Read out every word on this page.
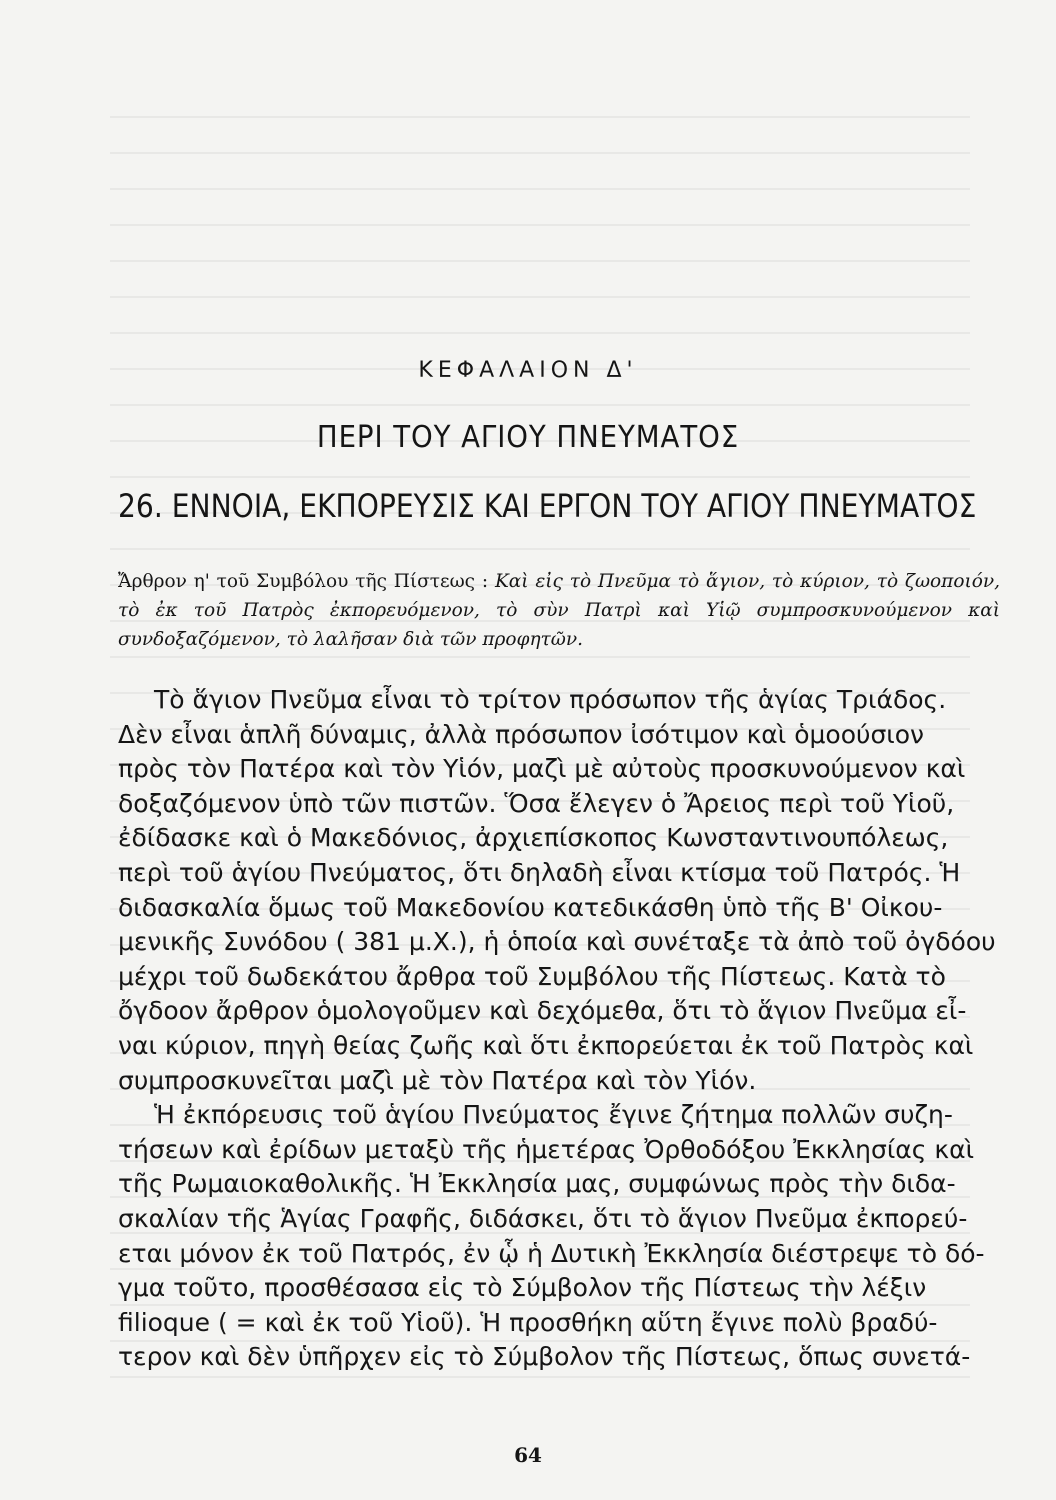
ΚΕΦΑΛΑΙΟΝ Δ'
ΠΕΡΙ ΤΟΥ ΑΓΙΟΥ ΠΝΕΥΜΑΤΟΣ
26. ΕΝΝΟΙΑ, ΕΚΠΟΡΕΥΣΙΣ ΚΑΙ ΕΡΓΟΝ ΤΟΥ ΑΓΙΟΥ ΠΝΕΥΜΑΤΟΣ
Ἄρθρον η' τοῦ Συμβόλου τῆς Πίστεως : Καὶ εἰς τὸ Πνεῦμα τὸ ἅγιον, τὸ κύριον, τὸ ζωοποιόν, τὸ ἐκ τοῦ Πατρὸς ἐκπορευόμενον, τὸ σὺν Πατρὶ καὶ Υἱῷ συμπροσκυνούμενον καὶ συνδοξαζόμενον, τὸ λαλῆσαν διὰ τῶν προφητῶν.
Τὸ ἅγιον Πνεῦμα εἶναι τὸ τρίτον πρόσωπον τῆς ἁγίας Τριάδος.
Δὲν εἶναι ἁπλῆ δύναμις, ἀλλὰ πρόσωπον ἰσότιμον καὶ ὁμοούσιον
πρὸς τὸν Πατέρα καὶ τὸν Υἱόν, μαζὶ μὲ αὐτοὺς προσκυνούμενον καὶ
δοξαζόμενον ὑπὸ τῶν πιστῶν. Ὅσα ἔλεγεν ὁ Ἄρειος περὶ τοῦ Υἱοῦ,
ἐδίδασκε καὶ ὁ Μακεδόνιος, ἀρχιεπίσκοπος Κωνσταντινουπόλεως,
περὶ τοῦ ἁγίου Πνεύματος, ὅτι δηλαδὴ εἶναι κτίσμα τοῦ Πατρός. Ἡ
διδασκαλία ὅμως τοῦ Μακεδονίου κατεδικάσθη ὑπὸ τῆς Β' Οἰκου-
μενικῆς Συνόδου ( 381 μ.Χ.), ἡ ὁποία καὶ συνέταξε τὰ ἀπὸ τοῦ ὀγδόου
μέχρι τοῦ δωδεκάτου ἄρθρα τοῦ Συμβόλου τῆς Πίστεως. Κατὰ τὸ
ὄγδοον ἄρθρον ὁμολογοῦμεν καὶ δεχόμεθα, ὅτι τὸ ἅγιον Πνεῦμα εἶ-
ναι κύριον, πηγὴ θείας ζωῆς καὶ ὅτι ἐκπορεύεται ἐκ τοῦ Πατρὸς καὶ
συμπροσκυνεῖται μαζὶ μὲ τὸν Πατέρα καὶ τὸν Υἱόν.
Ἡ ἐκπόρευσις τοῦ ἁγίου Πνεύματος ἔγινε ζήτημα πολλῶν συζη-
τήσεων καὶ ἐρίδων μεταξὺ τῆς ἡμετέρας Ὀρθοδόξου Ἐκκλησίας καὶ
τῆς Ρωμαιοκαθολικῆς. Ἡ Ἐκκλησία μας, συμφώνως πρὸς τὴν διδα-
σκαλίαν τῆς Ἁγίας Γραφῆς, διδάσκει, ὅτι τὸ ἅγιον Πνεῦμα ἐκπορεύ-
εται μόνον ἐκ τοῦ Πατρός, ἐν ᾧ ἡ Δυτικὴ Ἐκκλησία διέστρεψε τὸ δό-
γμα τοῦτο, προσθέσασα εἰς τὸ Σύμβολον τῆς Πίστεως τὴν λέξιν
filioque ( = καὶ ἐκ τοῦ Υἱοῦ). Ἡ προσθήκη αὕτη ἔγινε πολὺ βραδύ-
τερον καὶ δὲν ὑπῆρχεν εἰς τὸ Σύμβολον τῆς Πίστεως, ὅπως συνετά-
64
